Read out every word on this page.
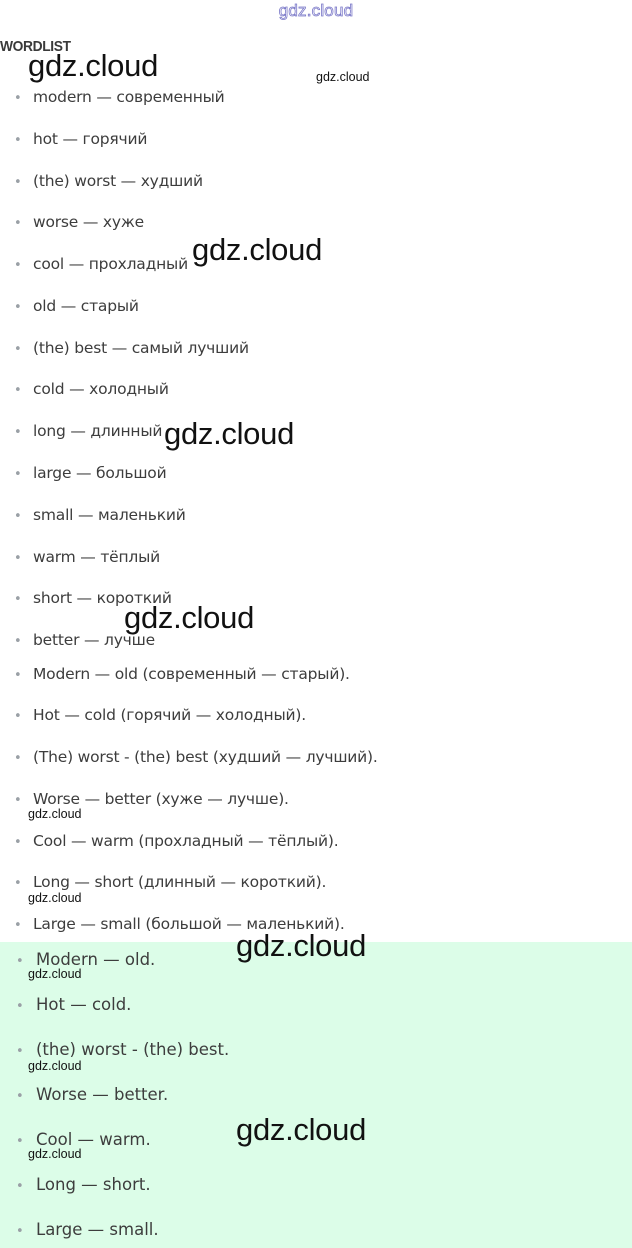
gdz.cloud
WORDLIST
• modern — современный
• hot — горячий
• (the) worst — худший
• worse — хуже
• cool — прохладный
• old — старый
• (the) best — самый лучший
• cold — холодный
• long — длинный
• large — большой
• small — маленький
• warm — тёплый
• short — короткий
• better — лучше
• Modern — old (современный — старый).
• Hot — cold (горячий — холодный).
• (The) worst - (the) best (худший — лучший).
• Worse — better (хуже — лучше).
• Cool — warm (прохладный — тёплый).
• Long — short (длинный — короткий).
• Large — small (большой — маленький).
• Modern — old.
• Hot — cold.
• (the) worst - (the) best.
• Worse — better.
• Cool — warm.
• Long — short.
• Large — small.
gdz.cloud	gdz.cloud
gdz.cloud
gdz.cloud
gdz.cloud
gdz.cloud
gdz.cloud
gdz.cloud
gdz.cloud
gdz.cloud
gdz.cloud
gdz.cloud
